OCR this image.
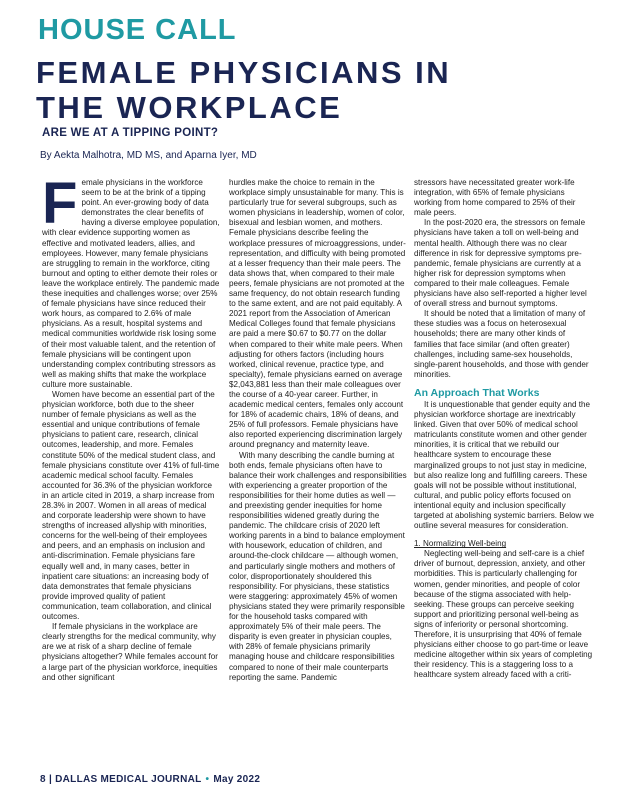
HOUSE CALL
FEMALE PHYSICIANS IN
THE WORKPLACE
ARE WE AT A TIPPING POINT?
By Aekta Malhotra, MD MS, and Aparna Iyer, MD
F emale physicians in the workforce seem to be at the brink of a tipping point. An ever-growing body of data demonstrates the clear benefits of having a diverse employee population, with clear evidence supporting women as effective and motivated leaders, allies, and employees. However, many female physicians are struggling to remain in the workforce, citing burnout and opting to either demote their roles or leave the workplace entirely. The pandemic made these inequities and challenges worse; over 25% of female physicians have since reduced their work hours, as compared to 2.6% of male physicians. As a result, hospital systems and medical communities worldwide risk losing some of their most valuable talent, and the retention of female physicians will be contingent upon understanding complex contributing stressors as well as making shifts that make the workplace culture more sustainable.

Women have become an essential part of the physician workforce, both due to the sheer number of female physicians as well as the essential and unique contributions of female physicians to patient care, research, clinical outcomes, leadership, and more. Females constitute 50% of the medical student class, and female physicians constitute over 41% of full-time academic medical school faculty. Females accounted for 36.3% of the physician workforce in an article cited in 2019, a sharp increase from 28.3% in 2007. Women in all areas of medical and corporate leadership were shown to have strengths of increased allyship with minorities, concerns for the well-being of their employees and peers, and an emphasis on inclusion and anti-discrimination. Female physicians fare equally well and, in many cases, better in inpatient care situations: an increasing body of data demonstrates that female physicians provide improved quality of patient communication, team collaboration, and clinical outcomes.

If female physicians in the workplace are clearly strengths for the medical community, why are we at risk of a sharp decline of female physicians altogether? While females account for a large part of the physician workforce, inequities and other significant

hurdles make the choice to remain in the workplace simply unsustainable for many. This is particularly true for several subgroups, such as women physicians in leadership, women of color, bisexual and lesbian women, and mothers. Female physicians describe feeling the workplace pressures of microaggressions, under-representation, and difficulty with being promoted at a lesser frequency than their male peers. The data shows that, when compared to their male peers, female physicians are not promoted at the same frequency, do not obtain research funding to the same extent, and are not paid equitably. A 2021 report from the Association of American Medical Colleges found that female physicians are paid a mere $0.67 to $0.77 on the dollar when compared to their white male peers. When adjusting for others factors (including hours worked, clinical revenue, practice type, and specialty), female physicians earned on average $2,043,881 less than their male colleagues over the course of a 40-year career. Further, in academic medical centers, females only account for 18% of academic chairs, 18% of deans, and 25% of full professors. Female physicians have also reported experiencing discrimination largely around pregnancy and maternity leave.

With many describing the candle burning at both ends, female physicians often have to balance their work challenges and responsibilities with experiencing a greater proportion of the responsibilities for their home duties as well — and preexisting gender inequities for home responsibilities widened greatly during the pandemic. The childcare crisis of 2020 left working parents in a bind to balance employment with housework, education of children, and around-the-clock childcare — although women, and particularly single mothers and mothers of color, disproportionately shouldered this responsibility. For physicians, these statistics were staggering: approximately 45% of women physicians stated they were primarily responsible for the household tasks compared with approximately 5% of their male peers. The disparity is even greater in physician couples, with 28% of female physicians primarily managing house and childcare responsibilities compared to none of their male counterparts reporting the same. Pandemic

stressors have necessitated greater work-life integration, with 65% of female physicians working from home compared to 25% of their male peers.

In the post-2020 era, the stressors on female physicians have taken a toll on well-being and mental health. Although there was no clear difference in risk for depressive symptoms pre-pandemic, female physicians are currently at a higher risk for depression symptoms when compared to their male colleagues. Female physicians have also self-reported a higher level of overall stress and burnout symptoms.

It should be noted that a limitation of many of these studies was a focus on heterosexual households; there are many other kinds of families that face similar (and often greater) challenges, including same-sex households, single-parent households, and those with gender minorities.

An Approach That Works

It is unquestionable that gender equity and the physician workforce shortage are inextricably linked. Given that over 50% of medical school matriculants constitute women and other gender minorities, it is critical that we rebuild our healthcare system to encourage these marginalized groups to not just stay in medicine, but also realize long and fulfilling careers. These goals will not be possible without institutional, cultural, and public policy efforts focused on intentional equity and inclusion specifically targeted at abolishing systemic barriers. Below we outline several measures for consideration.

1. Normalizing Well-being

Neglecting well-being and self-care is a chief driver of burnout, depression, anxiety, and other morbidities. This is particularly challenging for women, gender minorities, and people of color because of the stigma associated with help-seeking. These groups can perceive seeking support and prioritizing personal well-being as signs of inferiority or personal shortcoming. Therefore, it is unsurprising that 40% of female physicians either choose to go part-time or leave medicine altogether within six years of completing their residency. This is a staggering loss to a healthcare system already faced with a criti-

8 | DALLAS MEDICAL JOURNAL • May 2022
